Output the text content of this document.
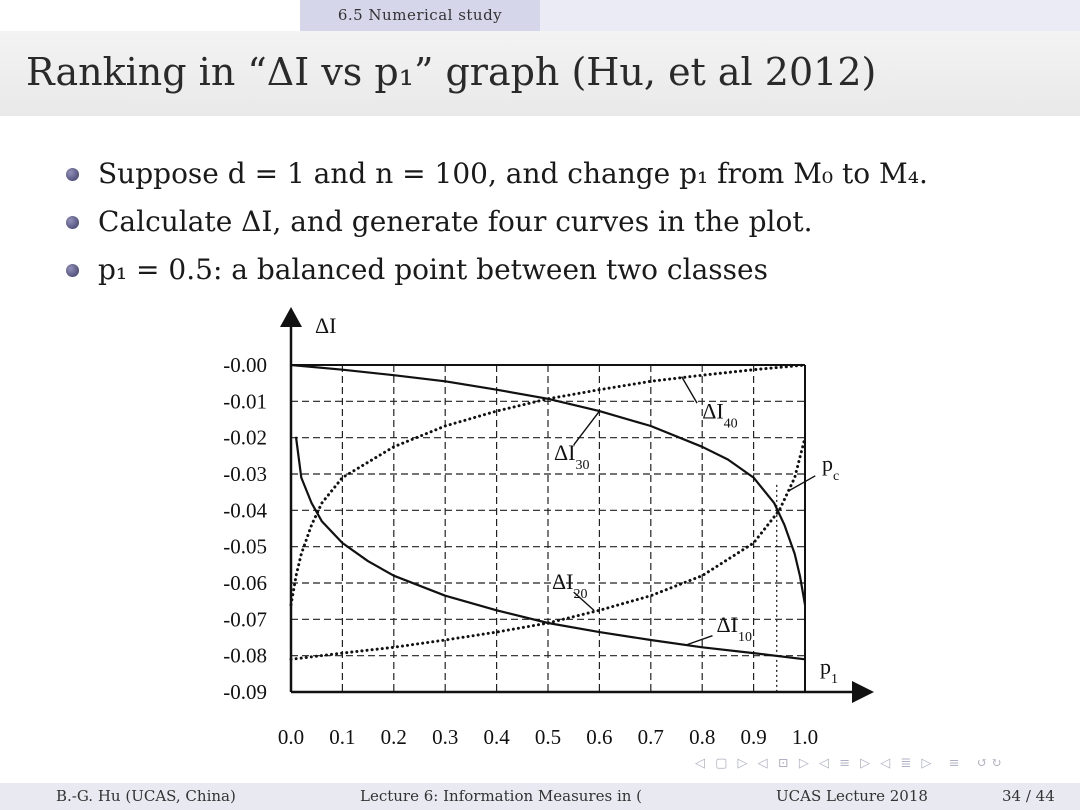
6.5 Numerical study
Ranking in “ΔI vs p₁” graph (Hu, et al 2012)
Suppose d = 1 and n = 100, and change p₁ from M₀ to M₄.
Calculate ΔI, and generate four curves in the plot.
p₁ = 0.5: a balanced point between two classes
ΔI
$p_1$
-0.00
-0.01
-0.02
-0.03
-0.04
-0.05
-0.06
-0.07
-0.08
-0.09
0.0 0.1 0.2 0.3 0.4 0.5 0.6 0.7 0.8 0.9 1.0
$\Delta I_{40}$
$\Delta I_{30}$
$\Delta I_{20}$
$\Delta I_{10}$
$p_c$
◁ ▢ ▷ ◁ ⊡ ▷ ◁ ≡ ▷ ◁ ≣ ▷  ≡  ↺↻
B.-G. Hu (UCAS, China)	Lecture 6: Information Measures in (	UCAS Lecture 2018	34 / 44
